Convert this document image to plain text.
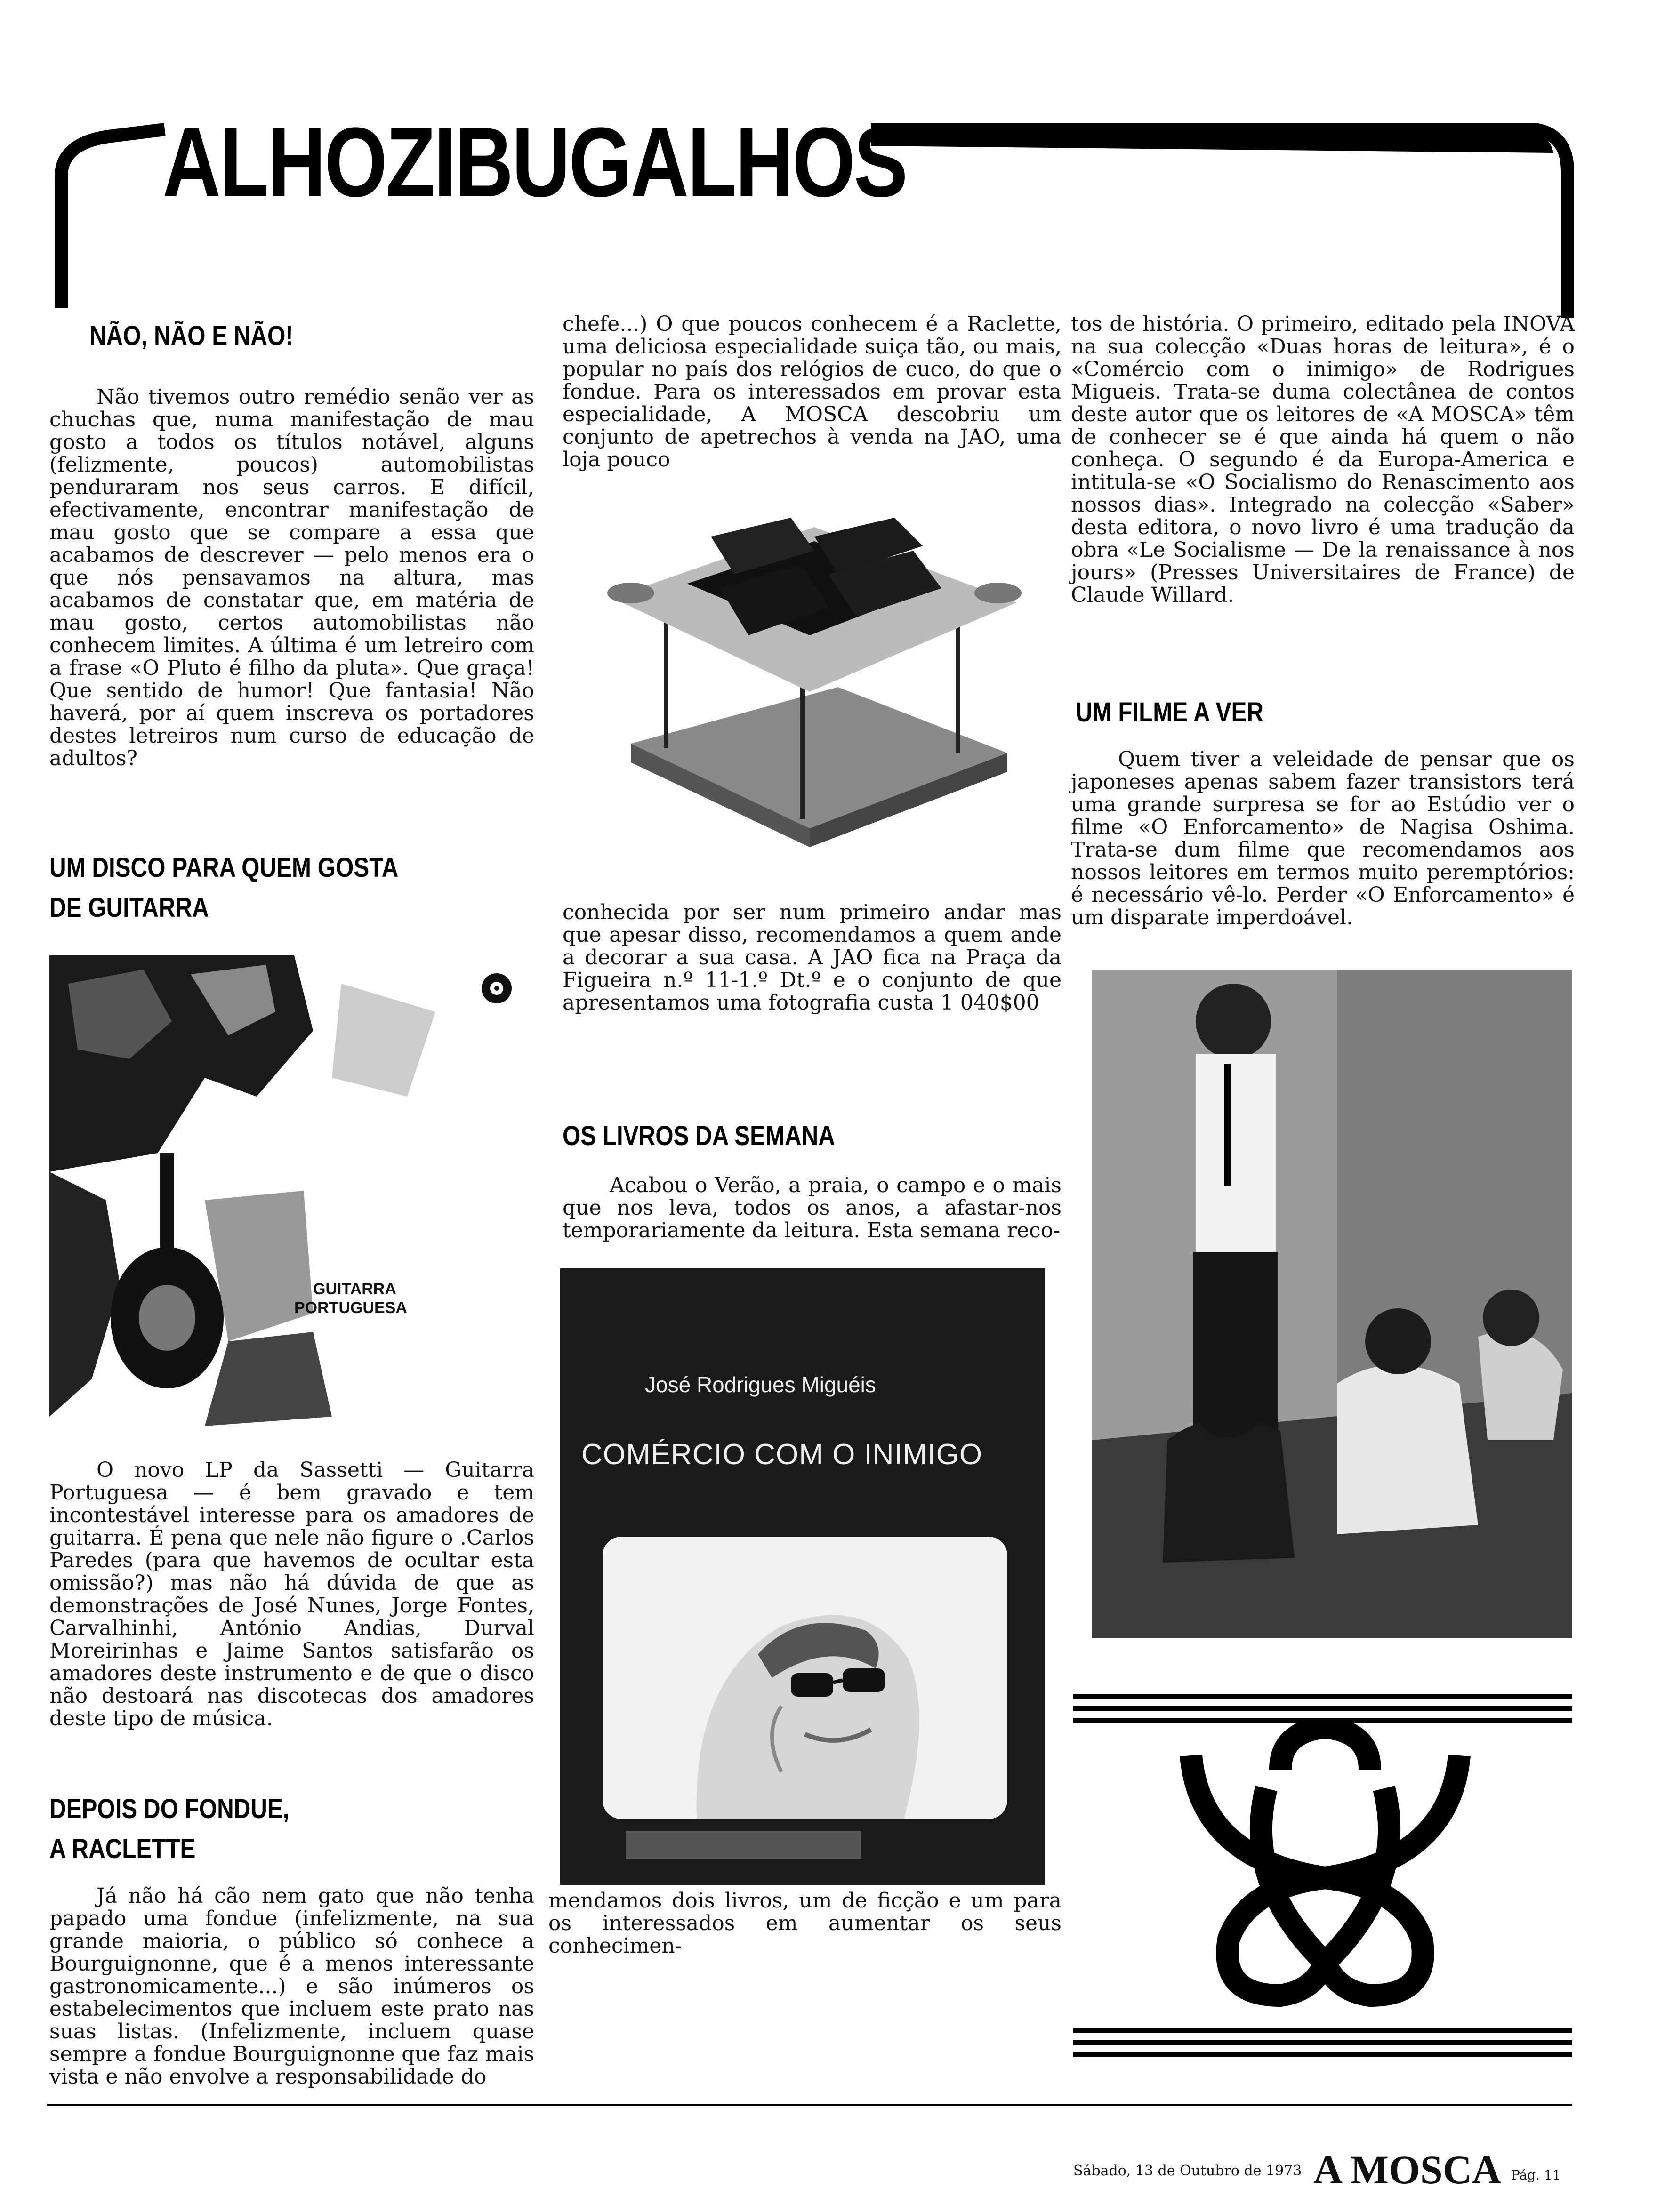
ALHOZIBUGALHOS
NÃO, NÃO E NÃO!

Não tivemos outro remédio senão ver as chuchas que, numa manifestação de mau gosto a todos os títulos notável, alguns (felizmente, poucos) automobilistas penduraram nos seus carros. E difícil, efectivamente, encontrar manifestação de mau gosto que se compare a essa que acabamos de descrever — pelo menos era o que nós pensavamos na altura, mas acabamos de constatar que, em matéria de mau gosto, certos automobilistas não conhecem limites. A última é um letreiro com a frase «O Pluto é filho da pluta». Que graça! Que sentido de humor! Que fantasia! Não haverá, por aí quem inscreva os portadores destes letreiros num curso de educação de adultos?

UM DISCO PARA QUEM GOSTA
DE GUITARRA
GUITARRA
PORTUGUESA

O novo LP da Sassetti — Guitarra Portuguesa — é bem gravado e tem incontestável interesse para os amadores de guitarra. É pena que nele não figure o .Carlos Paredes (para que havemos de ocultar esta omissão?) mas não há dúvida de que as demonstrações de José Nunes, Jorge Fontes, Carvalhinhi, António Andias, Durval Moreirinhas e Jaime Santos satisfarão os amadores deste instrumento e de que o disco não destoará nas discotecas dos amadores deste tipo de música.

DEPOIS DO FONDUE,
A RACLETTE

Já não há cão nem gato que não tenha papado uma fondue (infelizmente, na sua grande maioria, o público só conhece a Bourguignonne, que é a menos interessante gastronomicamente...) e são inúmeros os estabelecimentos que incluem este prato nas suas listas. (Infelizmente, incluem quase sempre a fondue Bourguignonne que faz mais vista e não envolve a responsabilidade do

chefe...) O que poucos conhecem é a Raclette, uma deliciosa especialidade suiça tão, ou mais, popular no país dos relógios de cuco, do que o fondue. Para os interessados em provar esta especialidade, A MOSCA descobriu um conjunto de apetrechos à venda na JAO, uma loja pouco

conhecida por ser num primeiro andar mas que apesar disso, recomendamos a quem ande a decorar a sua casa. A JAO fica na Praça da Figueira n.º 11-1.º Dt.º e o conjunto de que apresentamos uma fotografia custa 1 040$00

OS LIVROS DA SEMANA

Acabou o Verão, a praia, o campo e o mais que nos leva, todos os anos, a afastar-nos temporariamente da leitura. Esta semana reco-

José Rodrigues Miguéis
COMÉRCIO COM O INIMIGO

mendamos dois livros, um de ficção e um para os interessados em aumentar os seus conhecimen-

tos de história. O primeiro, editado pela INOVA na sua colecção «Duas horas de leitura», é o «Comércio com o inimigo» de Rodrigues Migueis. Trata-se duma colectânea de contos deste autor que os leitores de «A MOSCA» têm de conhecer se é que ainda há quem o não conheça. O segundo é da Europa-America e intitula-se «O Socialismo do Renascimento aos nossos dias». Integrado na colecção «Saber» desta editora, o novo livro é uma tradução da obra «Le Socialisme — De la renaissance à nos jours» (Presses Universitaires de France) de Claude Willard.

UM FILME A VER

Quem tiver a veleidade de pensar que os japoneses apenas sabem fazer transistors terá uma grande surpresa se for ao Estúdio ver o filme «O Enforcamento» de Nagisa Oshima. Trata-se dum filme que recomendamos aos nossos leitores em termos muito peremptórios: é necessário vê-lo. Perder «O Enforcamento» é um disparate imperdoável.

Sábado, 13 de Outubro de 1973 A MOSCA Pág. 11
